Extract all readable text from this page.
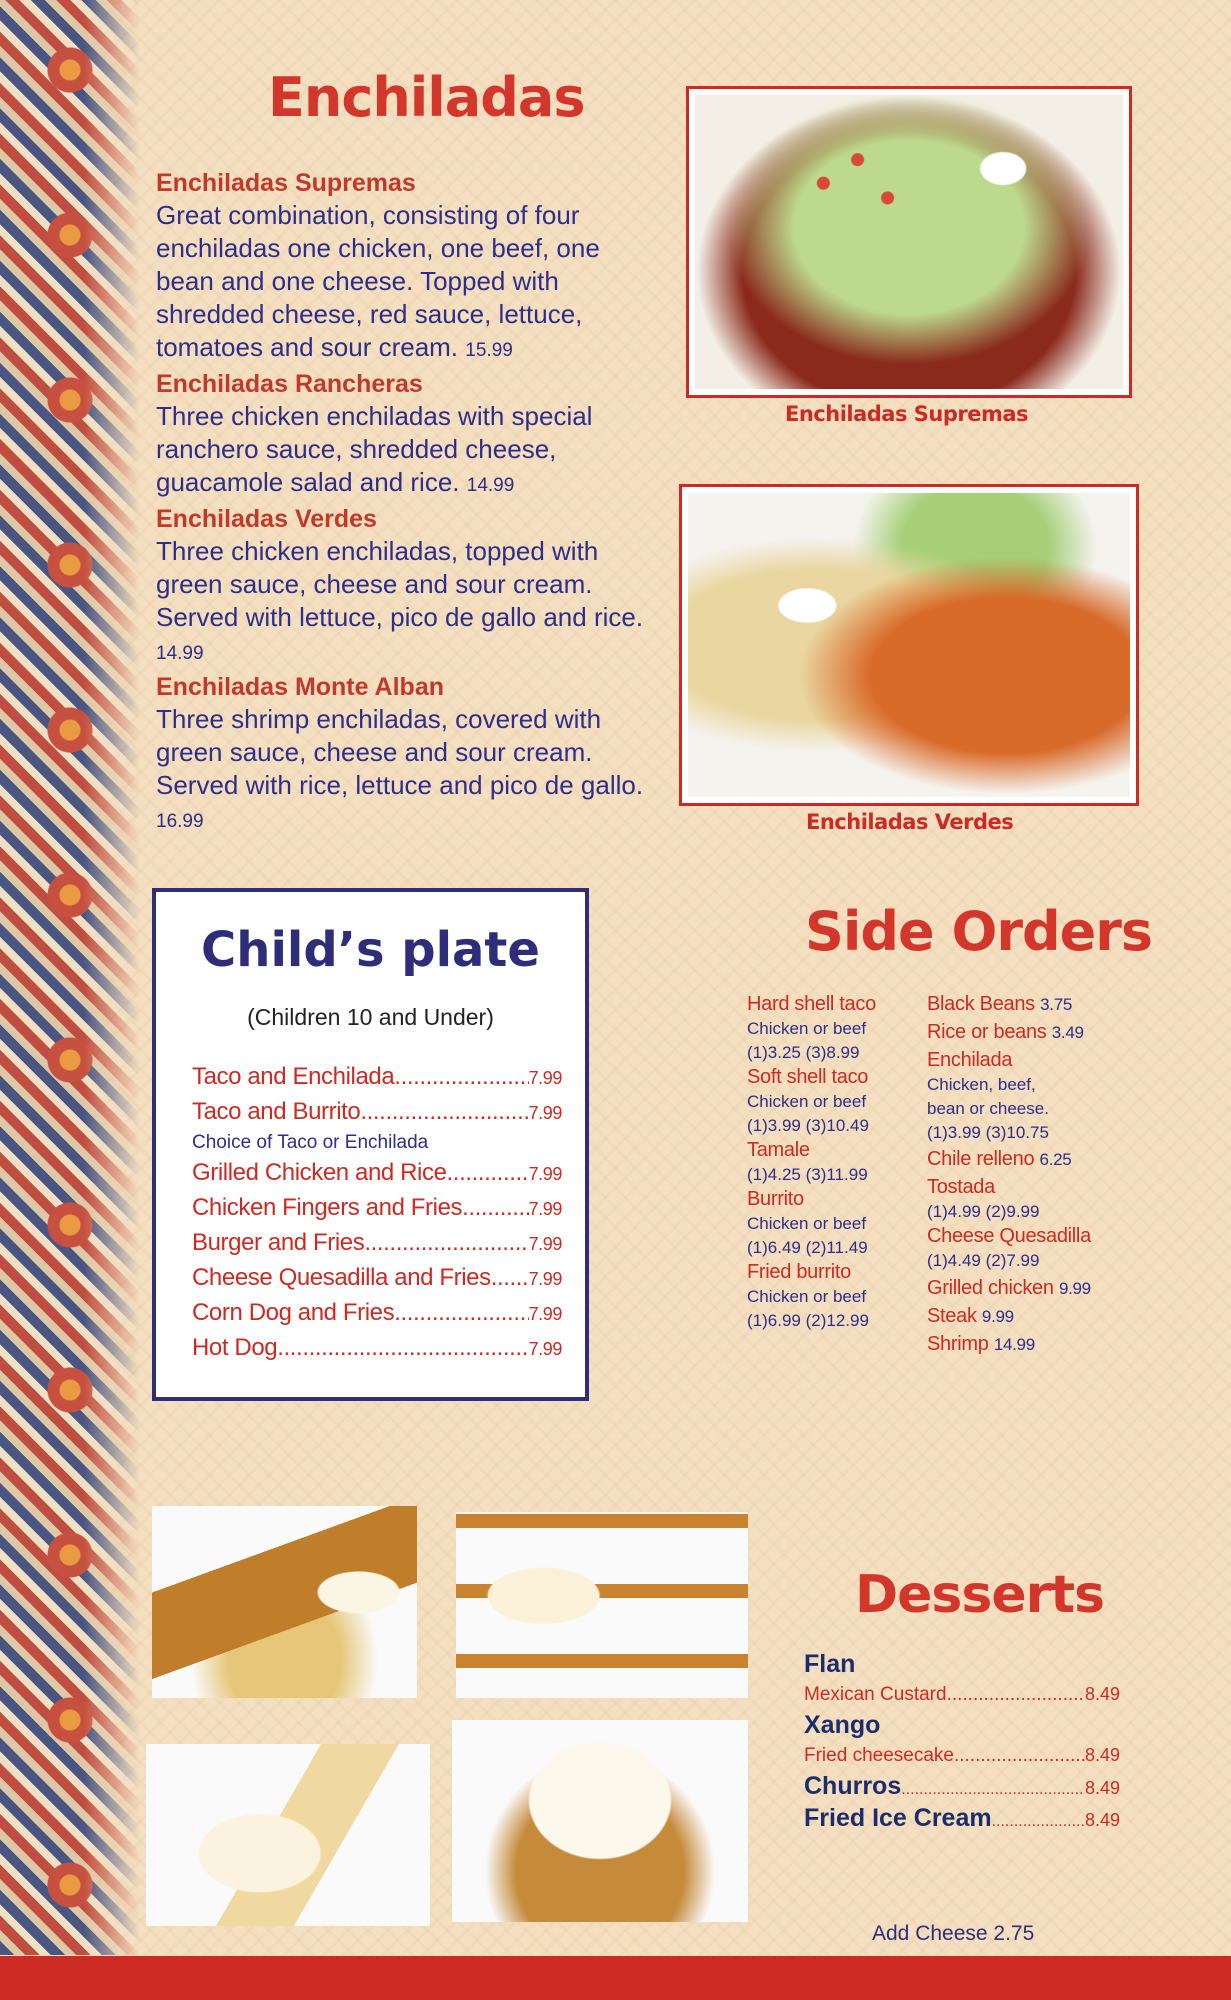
Enchiladas
Enchiladas Supremas
Great combination, consisting of four enchiladas one chicken, one beef, one bean and one cheese. Topped with shredded cheese, red sauce, lettuce, tomatoes and sour cream. 15.99
Enchiladas Rancheras
Three chicken enchiladas with special ranchero sauce, shredded cheese, guacamole salad and rice. 14.99
Enchiladas Verdes
Three chicken enchiladas, topped with green sauce, cheese and sour cream. Served with lettuce, pico de gallo and rice. 14.99
Enchiladas Monte Alban
Three shrimp enchiladas, covered with green sauce, cheese and sour cream. Served with rice, lettuce and pico de gallo. 16.99
Enchiladas Supremas
Enchiladas Verdes
Child’s plate
(Children 10 and Under)
Taco and Enchilada .....	7.99
Taco and Burrito .....	7.99
Choice of Taco or Enchilada
Grilled Chicken and Rice .....	7.99
Chicken Fingers and Fries .....	7.99
Burger and Fries .....	7.99
Cheese Quesadilla and Fries ..... 7.99
Corn Dog and Fries .....	7.99
Hot Dog .....	7.99
Side Orders
Hard shell taco
Chicken or beef
(1)3.25 (3)8.99
Soft shell taco
Chicken or beef
(1)3.99 (3)10.49
Tamale
(1)4.25 (3)11.99
Burrito
Chicken or beef
(1)6.49 (2)11.49
Fried burrito
Chicken or beef
(1)6.99 (2)12.99
Black Beans 3.75
Rice or beans 3.49
Enchilada
Chicken, beef,
bean or cheese.
(1)3.99 (3)10.75
Chile relleno 6.25
Tostada
(1)4.99 (2)9.99
Cheese Quesadilla
(1)4.49 (2)7.99
Grilled chicken 9.99
Steak 9.99
Shrimp 14.99
Desserts
Flan
Mexican Custard .....	8.49
Xango
Fried cheesecake .....	8.49
Churros .....	8.49
Fried Ice Cream .....	8.49
Add Cheese 2.75
